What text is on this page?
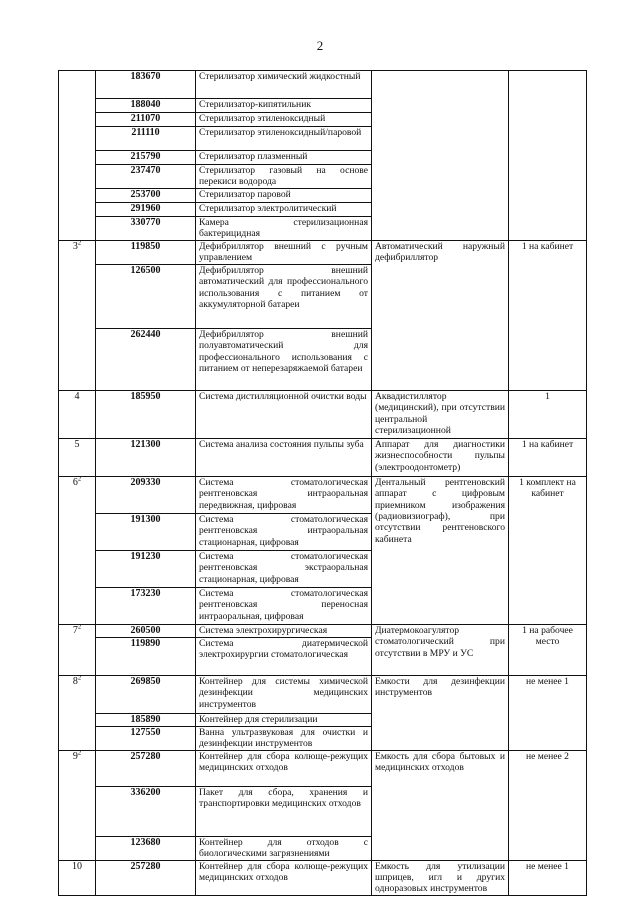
2
	183670	Стерилизатор химический жидкостный		
	188040	Стерилизатор-кипятильник		
	211070	Стерилизатор этиленоксидный		
	211110	Стерилизатор этиленоксидный/паровой		
	215790	Стерилизатор плазменный		
	237470	Стерилизатор газовый на основе перекиси водорода		
	253700	Стерилизатор паровой		
	291960	Стерилизатор электролитический		
	330770	Камера стерилизационная бактерицидная		
$3^2$	119850	Дефибриллятор внешний с ручным управлением	Автоматический наружный дефибриллятор	1 на кабинет
	126500	Дефибриллятор внешний автоматический для профессионального использования с питанием от аккумуляторной батареи		
	262440	Дефибриллятор внешний полуавтоматический для профессионального использования с питанием от неперезаряжаемой батареи		
4	185950	Система дистилляционной очистки воды	Аквадистиллятор (медицинский), при отсутствии центральной стерилизационной	1
5	121300	Система анализа состояния пульпы зуба	Аппарат для диагностики жизнеспособности пульпы (электроодонтометр)	1 на кабинет
$6^2$	209330	Система стоматологическая рентгеновская интраоральная передвижная, цифровая	Дентальный рентгеновский аппарат с цифровым приемником изображения (радиовизиограф), при отсутствии рентгеновского кабинета	1 комплект на кабинет
	191300	Система стоматологическая рентгеновская интраоральная стационарная, цифровая		
	191230	Система стоматологическая рентгеновская экстраоральная стационарная, цифровая		
	173230	Система стоматологическая рентгеновская переносная интраоральная, цифровая		
$7^2$	260500	Система электрохирургическая	Диатермокоагулятор стоматологический при отсутствии в МРУ и УС	1 на рабочее место
	119890	Система диатермической электрохирургии стоматологическая		
$8^2$	269850	Контейнер для системы химической дезинфекции медицинских инструментов	Емкости для дезинфекции инструментов	не менее 1
	185890	Контейнер для стерилизации		
	127550	Ванна ультразвуковая для очистки и дезинфекции инструментов		
$9^2$	257280	Контейнер для сбора колюще-режущих медицинских отходов	Емкость для сбора бытовых и медицинских отходов	не менее 2
	336200	Пакет для сбора, хранения и транспортировки медицинских отходов		
	123680	Контейнер для отходов с биологическими загрязнениями		
10	257280	Контейнер для сбора колюще-режущих медицинских отходов	Емкость для утилизации шприцев, игл и других одноразовых инструментов	не менее 1
